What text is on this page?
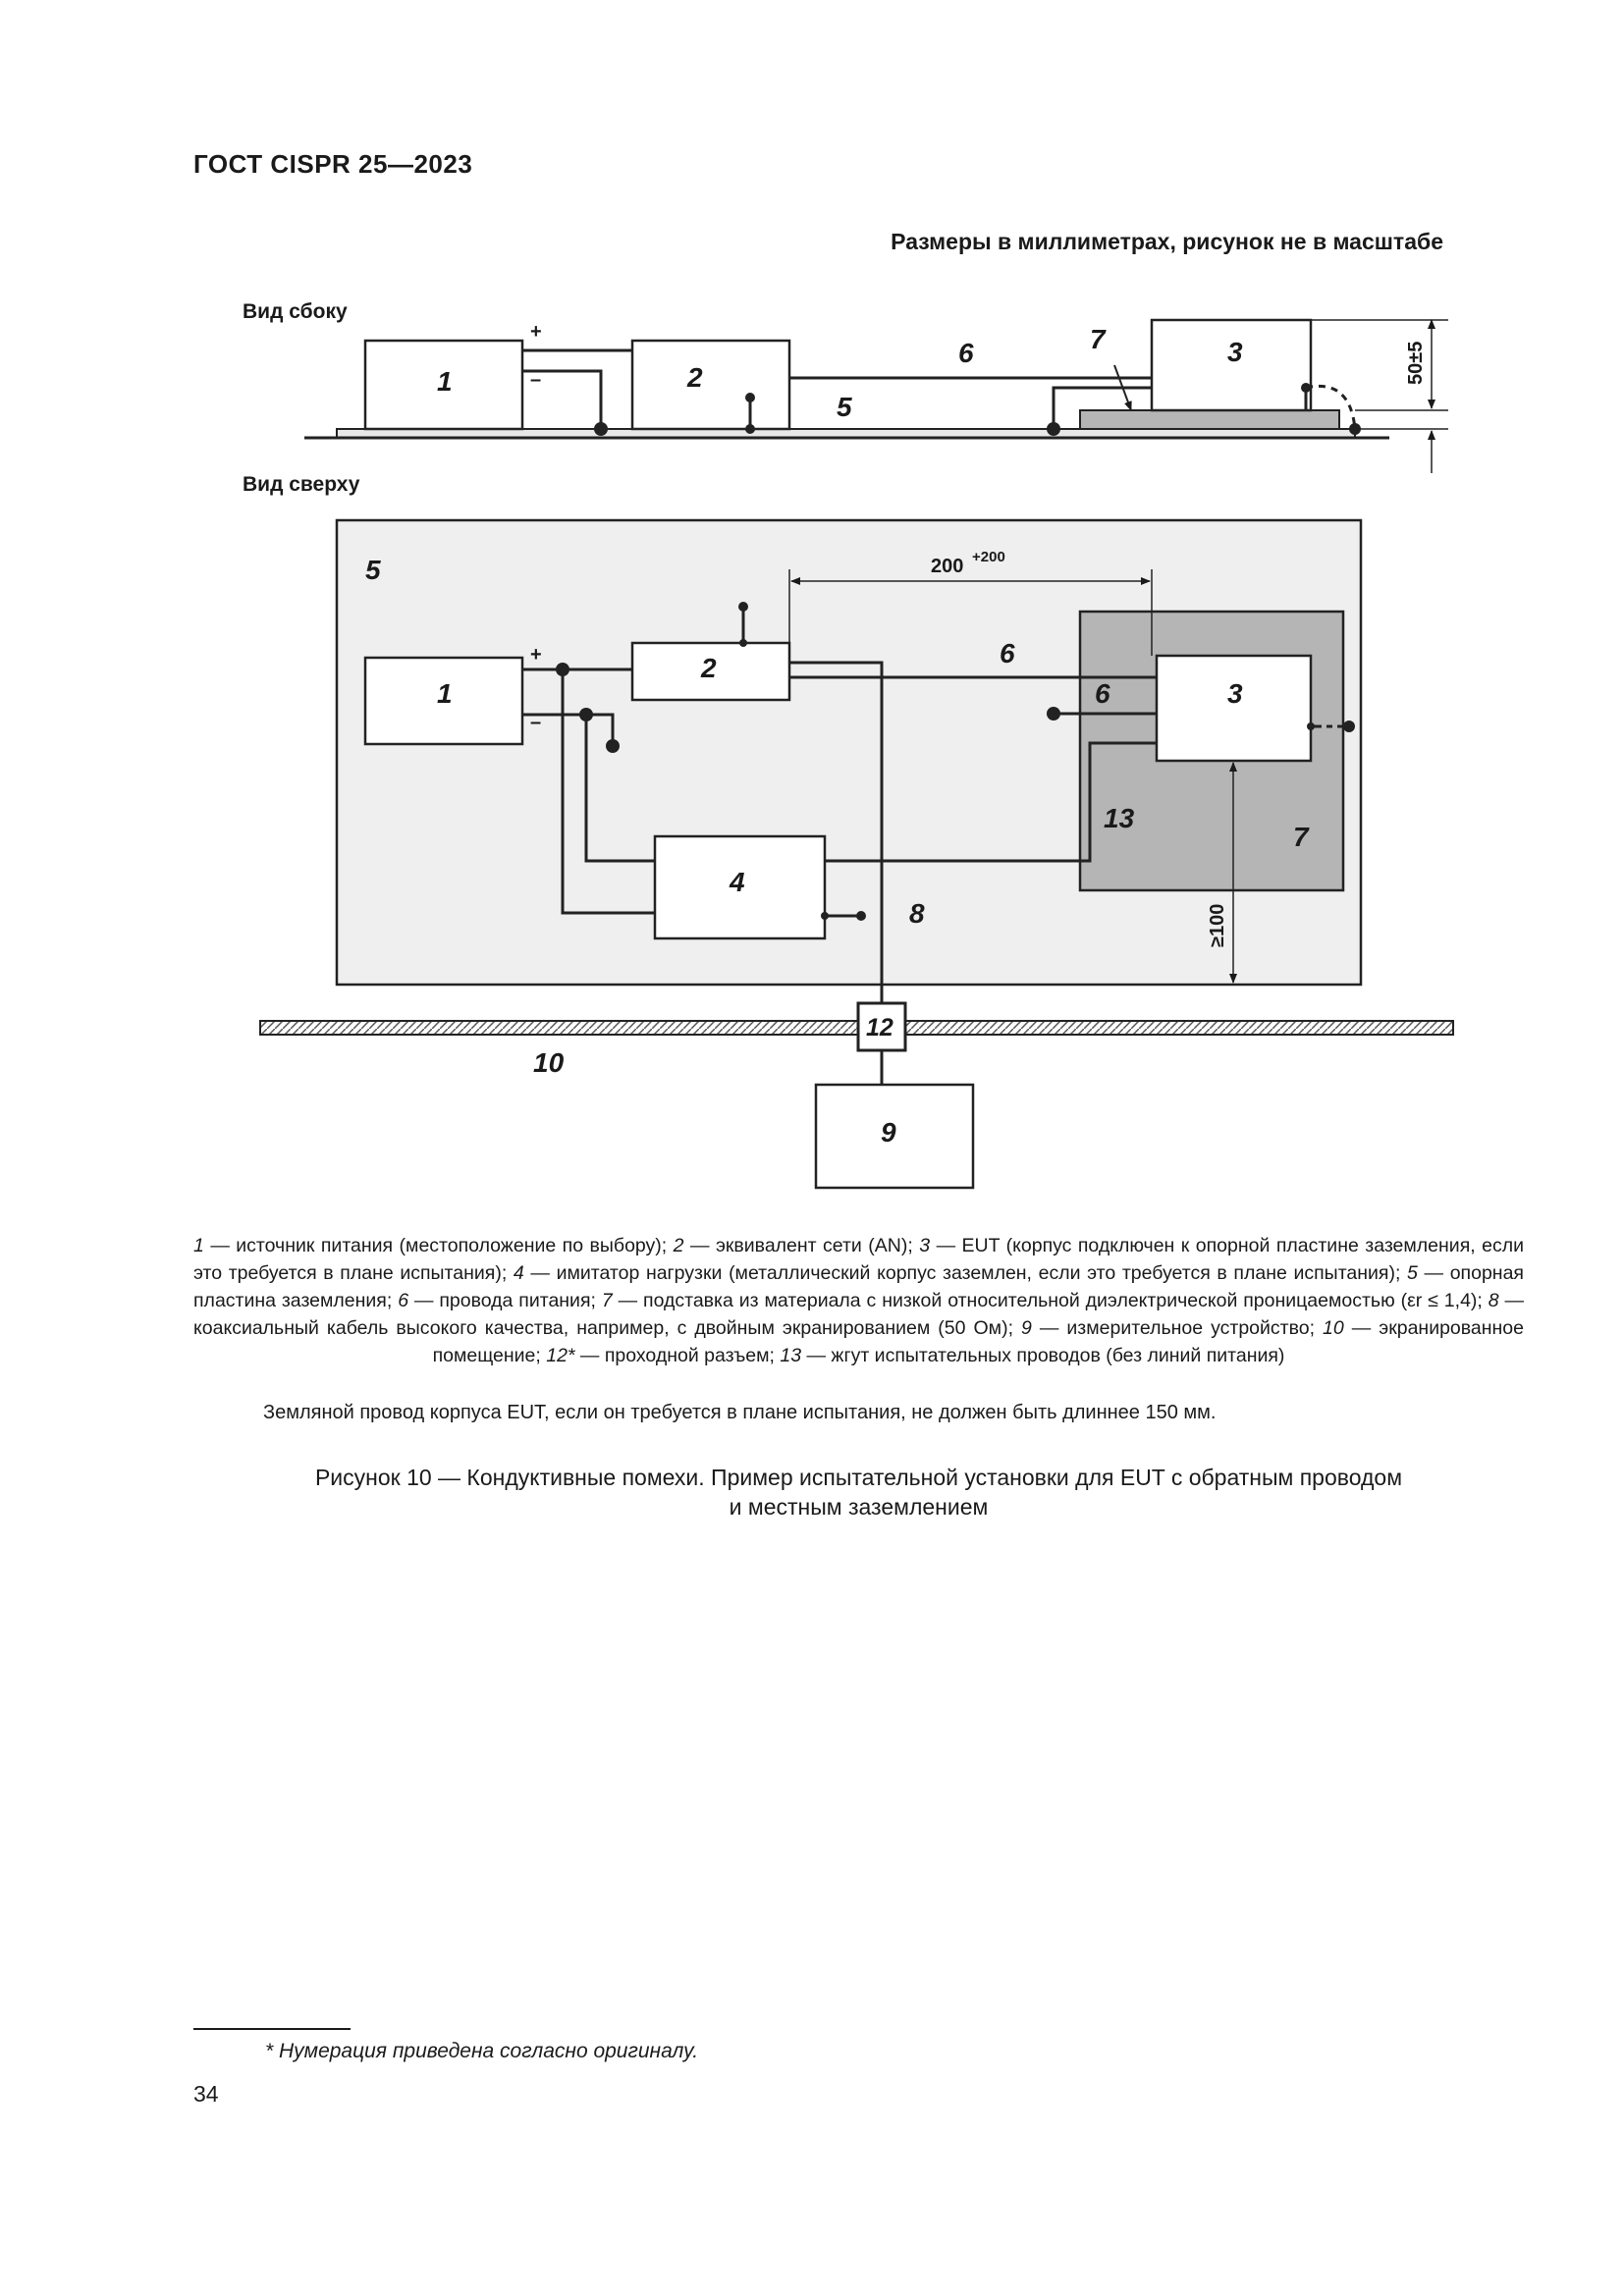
ГОСТ CISPR 25—2023
Размеры в миллиметрах, рисунок не в масштабе
Вид сбоку
1	2
3
5
6	7
+
–	50±5
Вид сверху
200 +200
≥100
1
2
3
4
5
6
6
7
8
9
10
12
13
+
–
1 — источник питания (местоположение по выбору); 2 — эквивалент сети (AN); 3 — EUT (корпус подключен к опорной пластине заземления, если это требуется в плане испытания); 4 — имитатор нагрузки (металлический корпус заземлен, если это требуется в плане испытания); 5 — опорная пластина заземления; 6 — провода питания; 7 — подставка из материала с низкой относительной диэлектрической проницаемостью (εr ≤ 1,4); 8 — коаксиальный кабель высокого качества, например, с двойным экранированием (50 Ом); 9 — измерительное устройство; 10 — экранированное помещение; 12* — проходной разъем; 13 — жгут испытательных проводов (без линий питания)
Земляной провод корпуса EUT, если он требуется в плане испытания, не должен быть длиннее 150 мм.
Рисунок 10 — Кондуктивные помехи. Пример испытательной установки для EUT с обратным проводом
и местным заземлением
* Нумерация приведена согласно оригиналу.
34
